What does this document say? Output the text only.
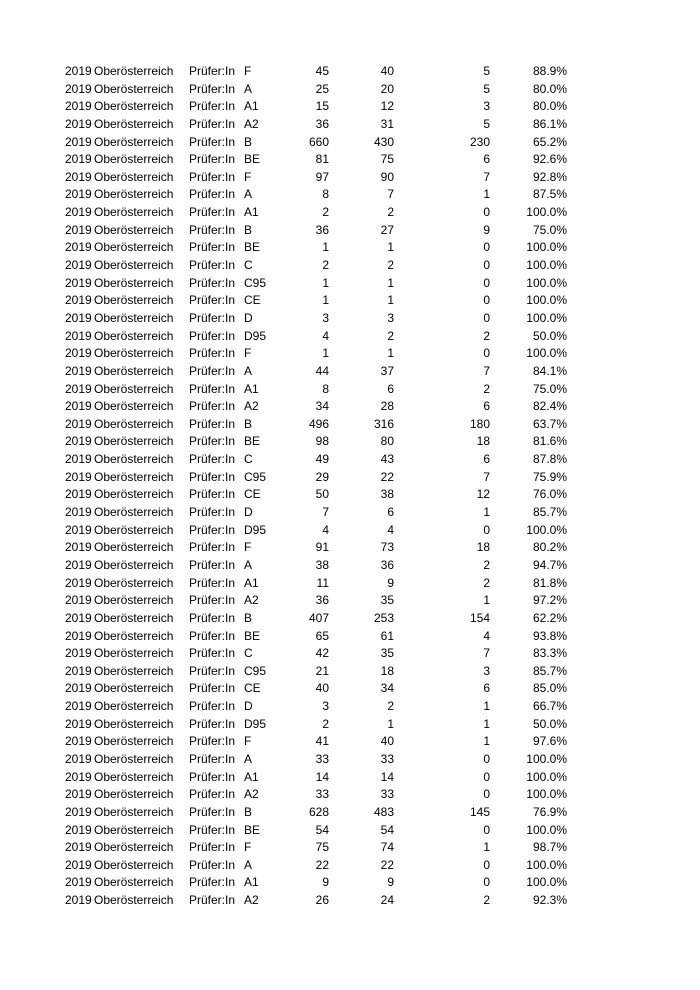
2019 Oberösterreich Prüfer:In F	45	40	5	88.9%
2019 Oberösterreich Prüfer:In A	25	20	5	80.0%
2019 Oberösterreich Prüfer:In A1	15	12	3	80.0%
2019 Oberösterreich Prüfer:In A2	36	31	5	86.1%
2019 Oberösterreich Prüfer:In B	660	430	230	65.2%
2019 Oberösterreich Prüfer:In BE	81	75	6	92.6%
2019 Oberösterreich Prüfer:In F	97	90	7	92.8%
2019 Oberösterreich Prüfer:In A	8	7	1	87.5%
2019 Oberösterreich Prüfer:In A1	2	2	0	100.0%
2019 Oberösterreich Prüfer:In B	36	27	9	75.0%
2019 Oberösterreich Prüfer:In BE	1	1	0	100.0%
2019 Oberösterreich Prüfer:In C	2	2	0	100.0%
2019 Oberösterreich Prüfer:In C95	1	1	0	100.0%
2019 Oberösterreich Prüfer:In CE	1	1	0	100.0%
2019 Oberösterreich Prüfer:In D	3	3	0	100.0%
2019 Oberösterreich Prüfer:In D95	4	2	2	50.0%
2019 Oberösterreich Prüfer:In F	1	1	0	100.0%
2019 Oberösterreich Prüfer:In A	44	37	7	84.1%
2019 Oberösterreich Prüfer:In A1	8	6	2	75.0%
2019 Oberösterreich Prüfer:In A2	34	28	6	82.4%
2019 Oberösterreich Prüfer:In B	496	316	180	63.7%
2019 Oberösterreich Prüfer:In BE	98	80	18	81.6%
2019 Oberösterreich Prüfer:In C	49	43	6	87.8%
2019 Oberösterreich Prüfer:In C95	29	22	7	75.9%
2019 Oberösterreich Prüfer:In CE	50	38	12	76.0%
2019 Oberösterreich Prüfer:In D	7	6	1	85.7%
2019 Oberösterreich Prüfer:In D95	4	4	0	100.0%
2019 Oberösterreich Prüfer:In F	91	73	18	80.2%
2019 Oberösterreich Prüfer:In A	38	36	2	94.7%
2019 Oberösterreich Prüfer:In A1	11	9	2	81.8%
2019 Oberösterreich Prüfer:In A2	36	35	1	97.2%
2019 Oberösterreich Prüfer:In B	407	253	154	62.2%
2019 Oberösterreich Prüfer:In BE	65	61	4	93.8%
2019 Oberösterreich Prüfer:In C	42	35	7	83.3%
2019 Oberösterreich Prüfer:In C95	21	18	3	85.7%
2019 Oberösterreich Prüfer:In CE	40	34	6	85.0%
2019 Oberösterreich Prüfer:In D	3	2	1	66.7%
2019 Oberösterreich Prüfer:In D95	2	1	1	50.0%
2019 Oberösterreich Prüfer:In F	41	40	1	97.6%
2019 Oberösterreich Prüfer:In A	33	33	0	100.0%
2019 Oberösterreich Prüfer:In A1	14	14	0	100.0%
2019 Oberösterreich Prüfer:In A2	33	33	0	100.0%
2019 Oberösterreich Prüfer:In B	628	483	145	76.9%
2019 Oberösterreich Prüfer:In BE	54	54	0	100.0%
2019 Oberösterreich Prüfer:In F	75	74	1	98.7%
2019 Oberösterreich Prüfer:In A	22	22	0	100.0%
2019 Oberösterreich Prüfer:In A1	9	9	0	100.0%
2019 Oberösterreich Prüfer:In A2	26	24	2	92.3%
